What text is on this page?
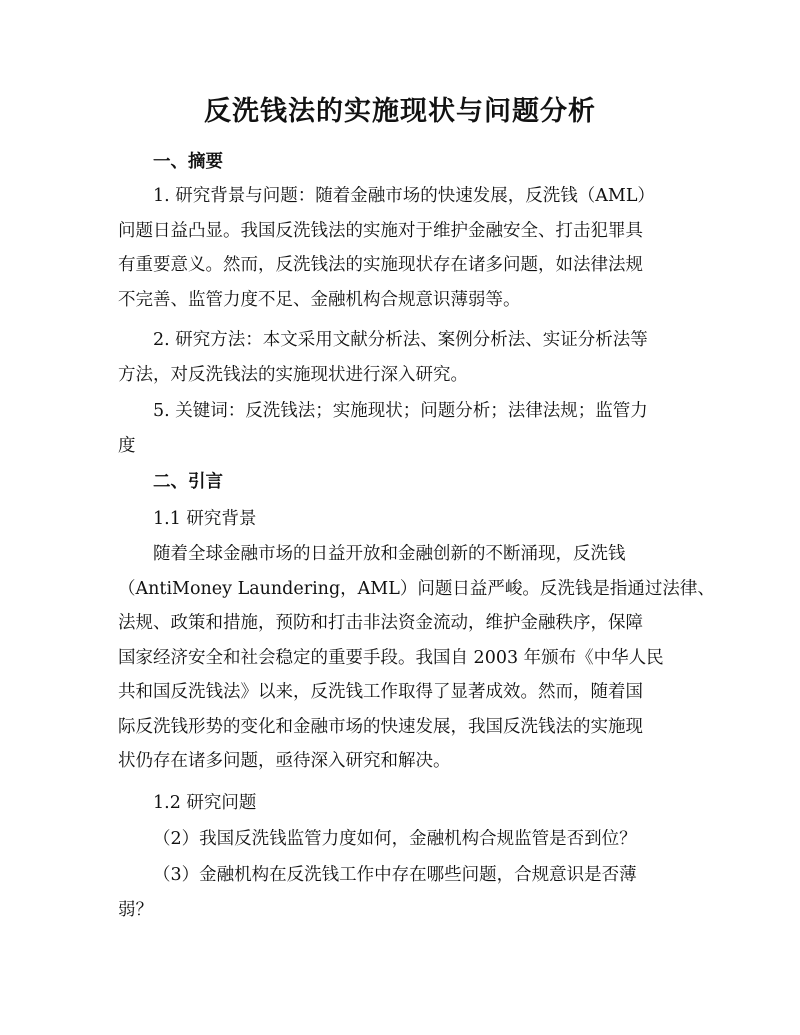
反洗钱法的实施现状与问题分析
一、摘要
1. 研究背景与问题：随着金融市场的快速发展，反洗钱（AML）
问题日益凸显。我国反洗钱法的实施对于维护金融安全、打击犯罪具
有重要意义。然而，反洗钱法的实施现状存在诸多问题，如法律法规
不完善、监管力度不足、金融机构合规意识薄弱等。
2. 研究方法：本文采用文献分析法、案例分析法、实证分析法等
方法，对反洗钱法的实施现状进行深入研究。
5. 关键词：反洗钱法；实施现状；问题分析；法律法规；监管力
度
二、引言
1.1 研究背景
随着全球金融市场的日益开放和金融创新的不断涌现，反洗钱
（AntiMoney Laundering，AML）问题日益严峻。反洗钱是指通过法律、
法规、政策和措施，预防和打击非法资金流动，维护金融秩序，保障
国家经济安全和社会稳定的重要手段。我国自 2003 年颁布《中华人民
共和国反洗钱法》以来，反洗钱工作取得了显著成效。然而，随着国
际反洗钱形势的变化和金融市场的快速发展，我国反洗钱法的实施现
状仍存在诸多问题，亟待深入研究和解决。
1.2 研究问题
（2）我国反洗钱监管力度如何，金融机构合规监管是否到位？
（3）金融机构在反洗钱工作中存在哪些问题，合规意识是否薄
弱？
